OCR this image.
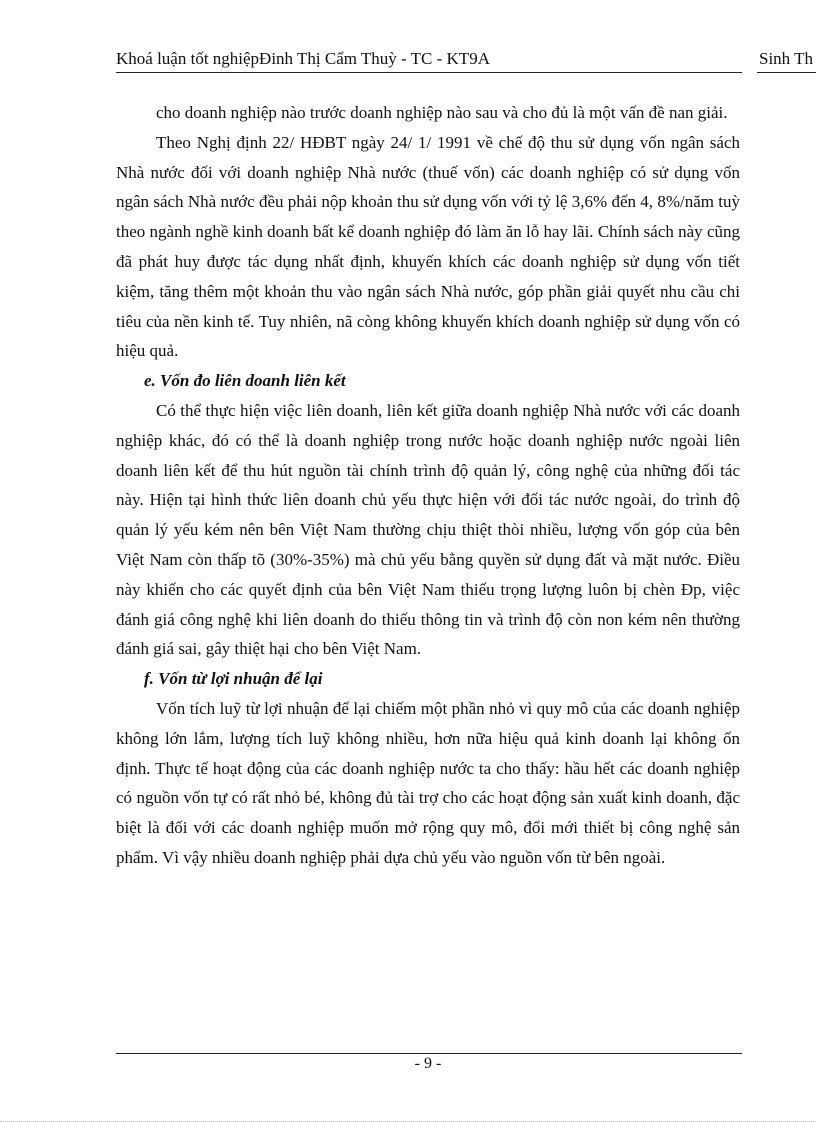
Khoá luận tốt nghiệpĐinh Thị Cẩm Thuỳ - TC - KT9A	Sinh Th

cho doanh nghiệp nào trước doanh nghiệp nào sau và cho đủ là một vấn đề nan giải.

Theo Nghị định 22/ HĐBT ngày 24/ 1/ 1991 về chế độ thu sử dụng vốn ngân sách Nhà nước đối với doanh nghiệp Nhà nước (thuế vốn) các doanh nghiệp có sử dụng vốn ngân sách Nhà nước đều phải nộp khoản thu sử dụng vốn với tỷ lệ 3,6% đến 4, 8%/năm tuỳ theo ngành nghề kinh doanh bất kể doanh nghiệp đó làm ăn lỗ hay lãi. Chính sách này cũng đã phát huy được tác dụng nhất định, khuyến khích các doanh nghiệp sử dụng vốn tiết kiệm, tăng thêm một khoản thu vào ngân sách Nhà nước, góp phần giải quyết nhu cầu chi tiêu của nền kinh tế. Tuy nhiên, nã còng không khuyến khích doanh nghiệp sử dụng vốn có hiệu quả.

e. Vốn đo liên doanh liên kết

Có thể thực hiện việc liên doanh, liên kết giữa doanh nghiệp Nhà nước với các doanh nghiệp khác, đó có thể là doanh nghiệp trong nước hoặc doanh nghiệp nước ngoài liên doanh liên kết để thu hút nguồn tài chính trình độ quản lý, công nghệ của những đối tác này. Hiện tại hình thức liên doanh chủ yếu thực hiện với đối tác nước ngoài, do trình độ quản lý yếu kém nên bên Việt Nam thường chịu thiệt thòi nhiều, lượng vốn góp của bên Việt Nam còn thấp tõ (30%-35%) mà chủ yếu bằng quyền sử dụng đất và mặt nước. Điều này khiến cho các quyết định của bên Việt Nam thiếu trọng lượng luôn bị chèn Ðp, việc đánh giá công nghệ khi liên doanh do thiếu thông tin và trình độ còn non kém nên thường đánh giá sai, gây thiệt hại cho bên Việt Nam.

f. Vốn từ lợi nhuận để lại

Vốn tích luỹ từ lợi nhuận để lại chiếm một phần nhỏ vì quy mô của các doanh nghiệp không lớn lắm, lượng tích luỹ không nhiều, hơn nữa hiệu quả kinh doanh lại không ổn định. Thực tế hoạt động của các doanh nghiệp nước ta cho thấy: hầu hết các doanh nghiệp có nguồn vốn tự có rất nhỏ bé, không đủ tài trợ cho các hoạt động sản xuất kinh doanh, đặc biệt là đối với các doanh nghiệp muốn mở rộng quy mô, đổi mới thiết bị công nghệ sản phẩm. Vì vậy nhiều doanh nghiệp phải dựa chủ yếu vào nguồn vốn từ bên ngoài.

- 9 -
